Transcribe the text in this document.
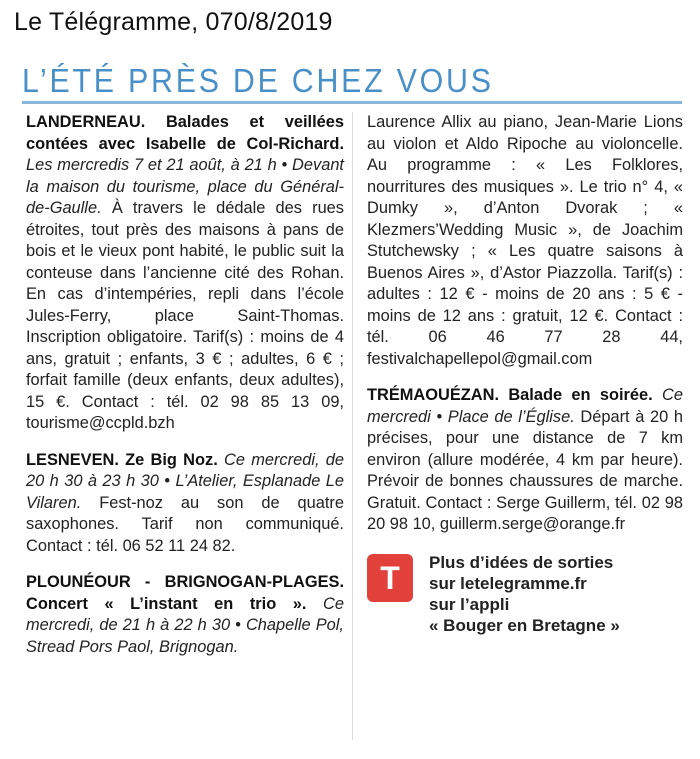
Le Télégramme, 070/8/2019
L’ÉTÉ PRÈS DE CHEZ VOUS

LANDERNEAU. Balades et veillées contées avec Isabelle de Col-Richard. Les mercredis 7 et 21 août, à 21 h • Devant la maison du tourisme, place du Général-de-Gaulle. À travers le dédale des rues étroites, tout près des maisons à pans de bois et le vieux pont habité, le public suit la conteuse dans l’ancienne cité des Rohan. En cas d’intempéries, repli dans l’école Jules-Ferry, place Saint-Thomas. Inscription obligatoire. Tarif(s) : moins de 4 ans, gratuit ; enfants, 3 € ; adultes, 6 € ; forfait famille (deux enfants, deux adultes), 15 €. Contact : tél. 02 98 85 13 09, tourisme@ccpld.bzh

LESNEVEN. Ze Big Noz. Ce mercredi, de 20 h 30 à 23 h 30 • L’Atelier, Esplanade Le Vilaren. Fest-noz au son de quatre saxophones. Tarif non communiqué. Contact : tél. 06 52 11 24 82.

PLOUNÉOUR - BRIGNOGAN-PLAGES. Concert « L’instant en trio ». Ce mercredi, de 21 h à 22 h 30 • Chapelle Pol, Stread Pors Paol, Brignogan.

Laurence Allix au piano, Jean-Marie Lions au violon et Aldo Ripoche au violoncelle. Au programme : « Les Folklores, nourritures des musiques ». Le trio n° 4, « Dumky », d’Anton Dvorak ; « Klezmers’Wedding Music », de Joachim Stutchewsky ; « Les quatre saisons à Buenos Aires », d’Astor Piazzolla. Tarif(s) : adultes : 12 € - moins de 20 ans : 5 € - moins de 12 ans : gratuit, 12 €. Contact : tél. 06 46 77 28 44, festivalchapellepol@gmail.com

TRÉMAOUÉZAN. Balade en soirée. Ce mercredi • Place de l’Église. Départ à 20 h précises, pour une distance de 7 km environ (allure modérée, 4 km par heure). Prévoir de bonnes chaussures de marche. Gratuit. Contact : Serge Guillerm, tél. 02 98 20 98 10, guillerm.serge@orange.fr

T	Plus d’idées de sorties
sur letelegramme.fr
sur l’appli
« Bouger en Bretagne »
